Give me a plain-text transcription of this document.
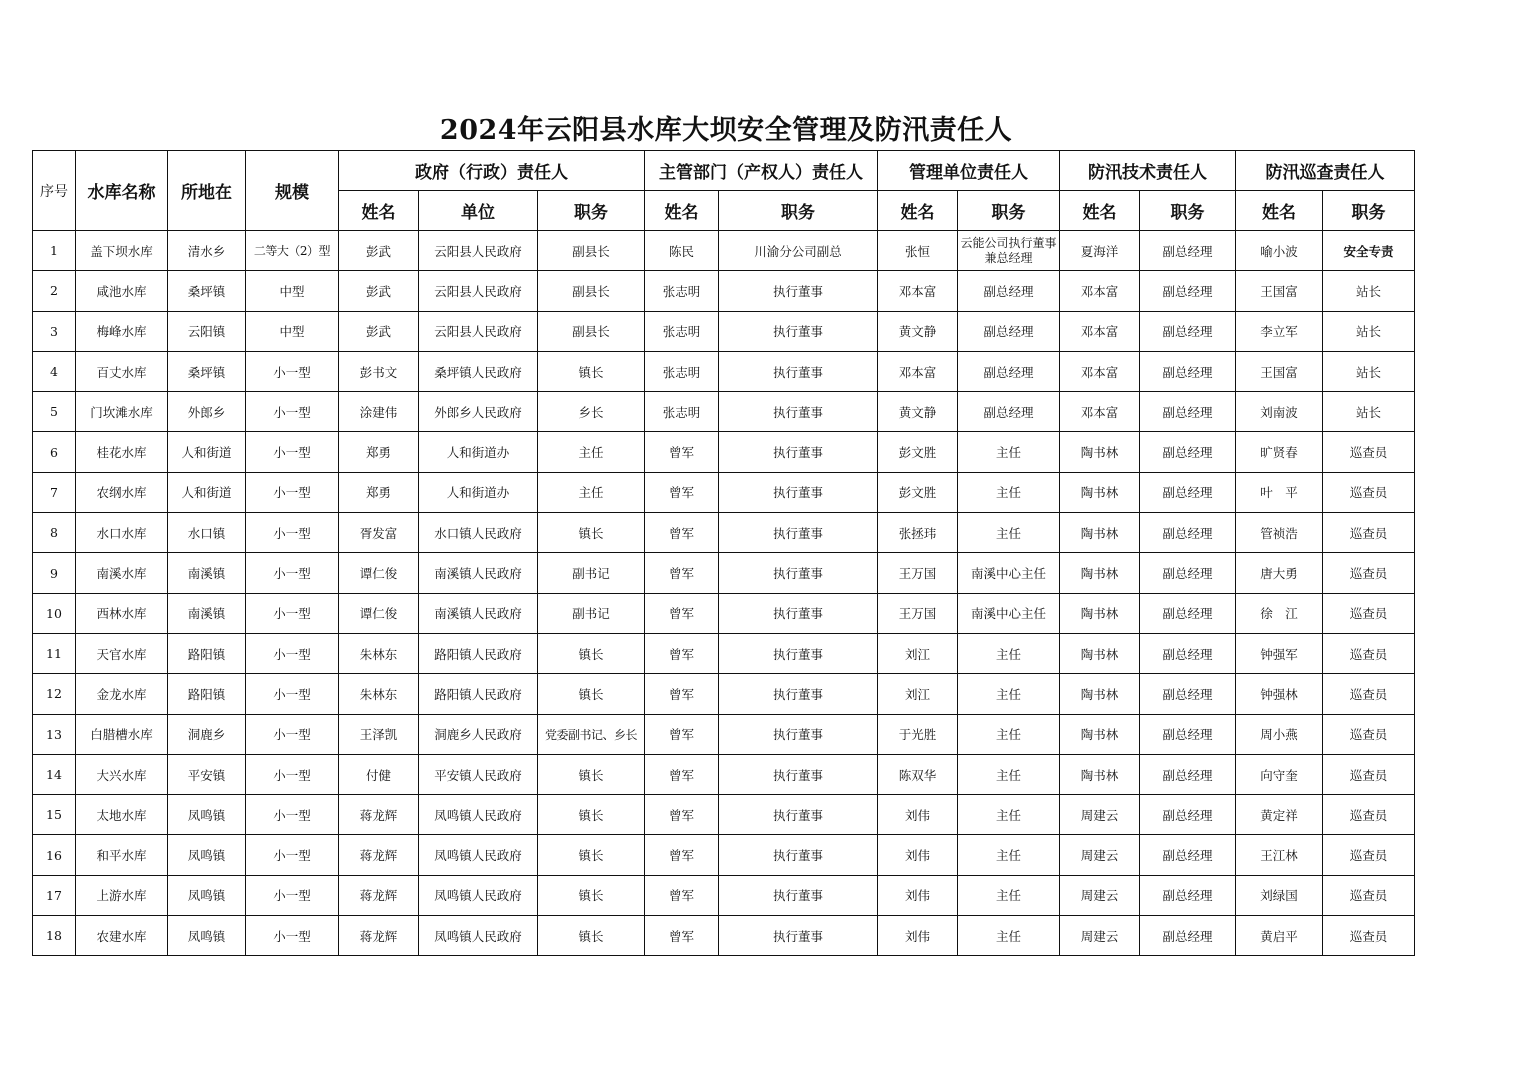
2024年云阳县水库大坝安全管理及防汛责任人
序号	水库名称	所地在	规模	政府（行政）责任人			主管部门（产权人）责任人		管理单位责任人		防汛技术责任人		防汛巡查责任人	
				姓名	单位	职务	姓名	职务	姓名	职务	姓名	职务	姓名	职务
1	盖下坝水库	清水乡	二等大（2）型	彭武	云阳县人民政府	副县长	陈民	川渝分公司副总	张恒	云能公司执行董事兼总经理	夏海洋	副总经理	喻小波	安全专责
2	咸池水库	桑坪镇	中型	彭武	云阳县人民政府	副县长	张志明	执行董事	邓本富	副总经理	邓本富	副总经理	王国富	站长
3	梅峰水库	云阳镇	中型	彭武	云阳县人民政府	副县长	张志明	执行董事	黄文静	副总经理	邓本富	副总经理	李立军	站长
4	百丈水库	桑坪镇	小一型	彭书文	桑坪镇人民政府	镇长	张志明	执行董事	邓本富	副总经理	邓本富	副总经理	王国富	站长
5	门坎滩水库	外郎乡	小一型	涂建伟	外郎乡人民政府	乡长	张志明	执行董事	黄文静	副总经理	邓本富	副总经理	刘南波	站长
6	桂花水库	人和街道	小一型	郑勇	人和街道办	主任	曾军	执行董事	彭文胜	主任	陶书林	副总经理	旷贤春	巡查员
7	农纲水库	人和街道	小一型	郑勇	人和街道办	主任	曾军	执行董事	彭文胜	主任	陶书林	副总经理	叶　平	巡查员
8	水口水库	水口镇	小一型	胥发富	水口镇人民政府	镇长	曾军	执行董事	张拯玮	主任	陶书林	副总经理	管祯浩	巡查员
9	南溪水库	南溪镇	小一型	谭仁俊	南溪镇人民政府	副书记	曾军	执行董事	王万国	南溪中心主任	陶书林	副总经理	唐大勇	巡查员
10	西林水库	南溪镇	小一型	谭仁俊	南溪镇人民政府	副书记	曾军	执行董事	王万国	南溪中心主任	陶书林	副总经理	徐　江	巡查员
11	天官水库	路阳镇	小一型	朱林东	路阳镇人民政府	镇长	曾军	执行董事	刘江	主任	陶书林	副总经理	钟强军	巡查员
12	金龙水库	路阳镇	小一型	朱林东	路阳镇人民政府	镇长	曾军	执行董事	刘江	主任	陶书林	副总经理	钟强林	巡查员
13	白腊槽水库	洞鹿乡	小一型	王泽凯	洞鹿乡人民政府	党委副书记、乡长	曾军	执行董事	于光胜	主任	陶书林	副总经理	周小燕	巡查员
14	大兴水库	平安镇	小一型	付健	平安镇人民政府	镇长	曾军	执行董事	陈双华	主任	陶书林	副总经理	向守奎	巡查员
15	太地水库	凤鸣镇	小一型	蒋龙辉	凤鸣镇人民政府	镇长	曾军	执行董事	刘伟	主任	周建云	副总经理	黄定祥	巡查员
16	和平水库	凤鸣镇	小一型	蒋龙辉	凤鸣镇人民政府	镇长	曾军	执行董事	刘伟	主任	周建云	副总经理	王江林	巡查员
17	上游水库	凤鸣镇	小一型	蒋龙辉	凤鸣镇人民政府	镇长	曾军	执行董事	刘伟	主任	周建云	副总经理	刘绿国	巡查员
18	农建水库	凤鸣镇	小一型	蒋龙辉	凤鸣镇人民政府	镇长	曾军	执行董事	刘伟	主任	周建云	副总经理	黄启平	巡查员
